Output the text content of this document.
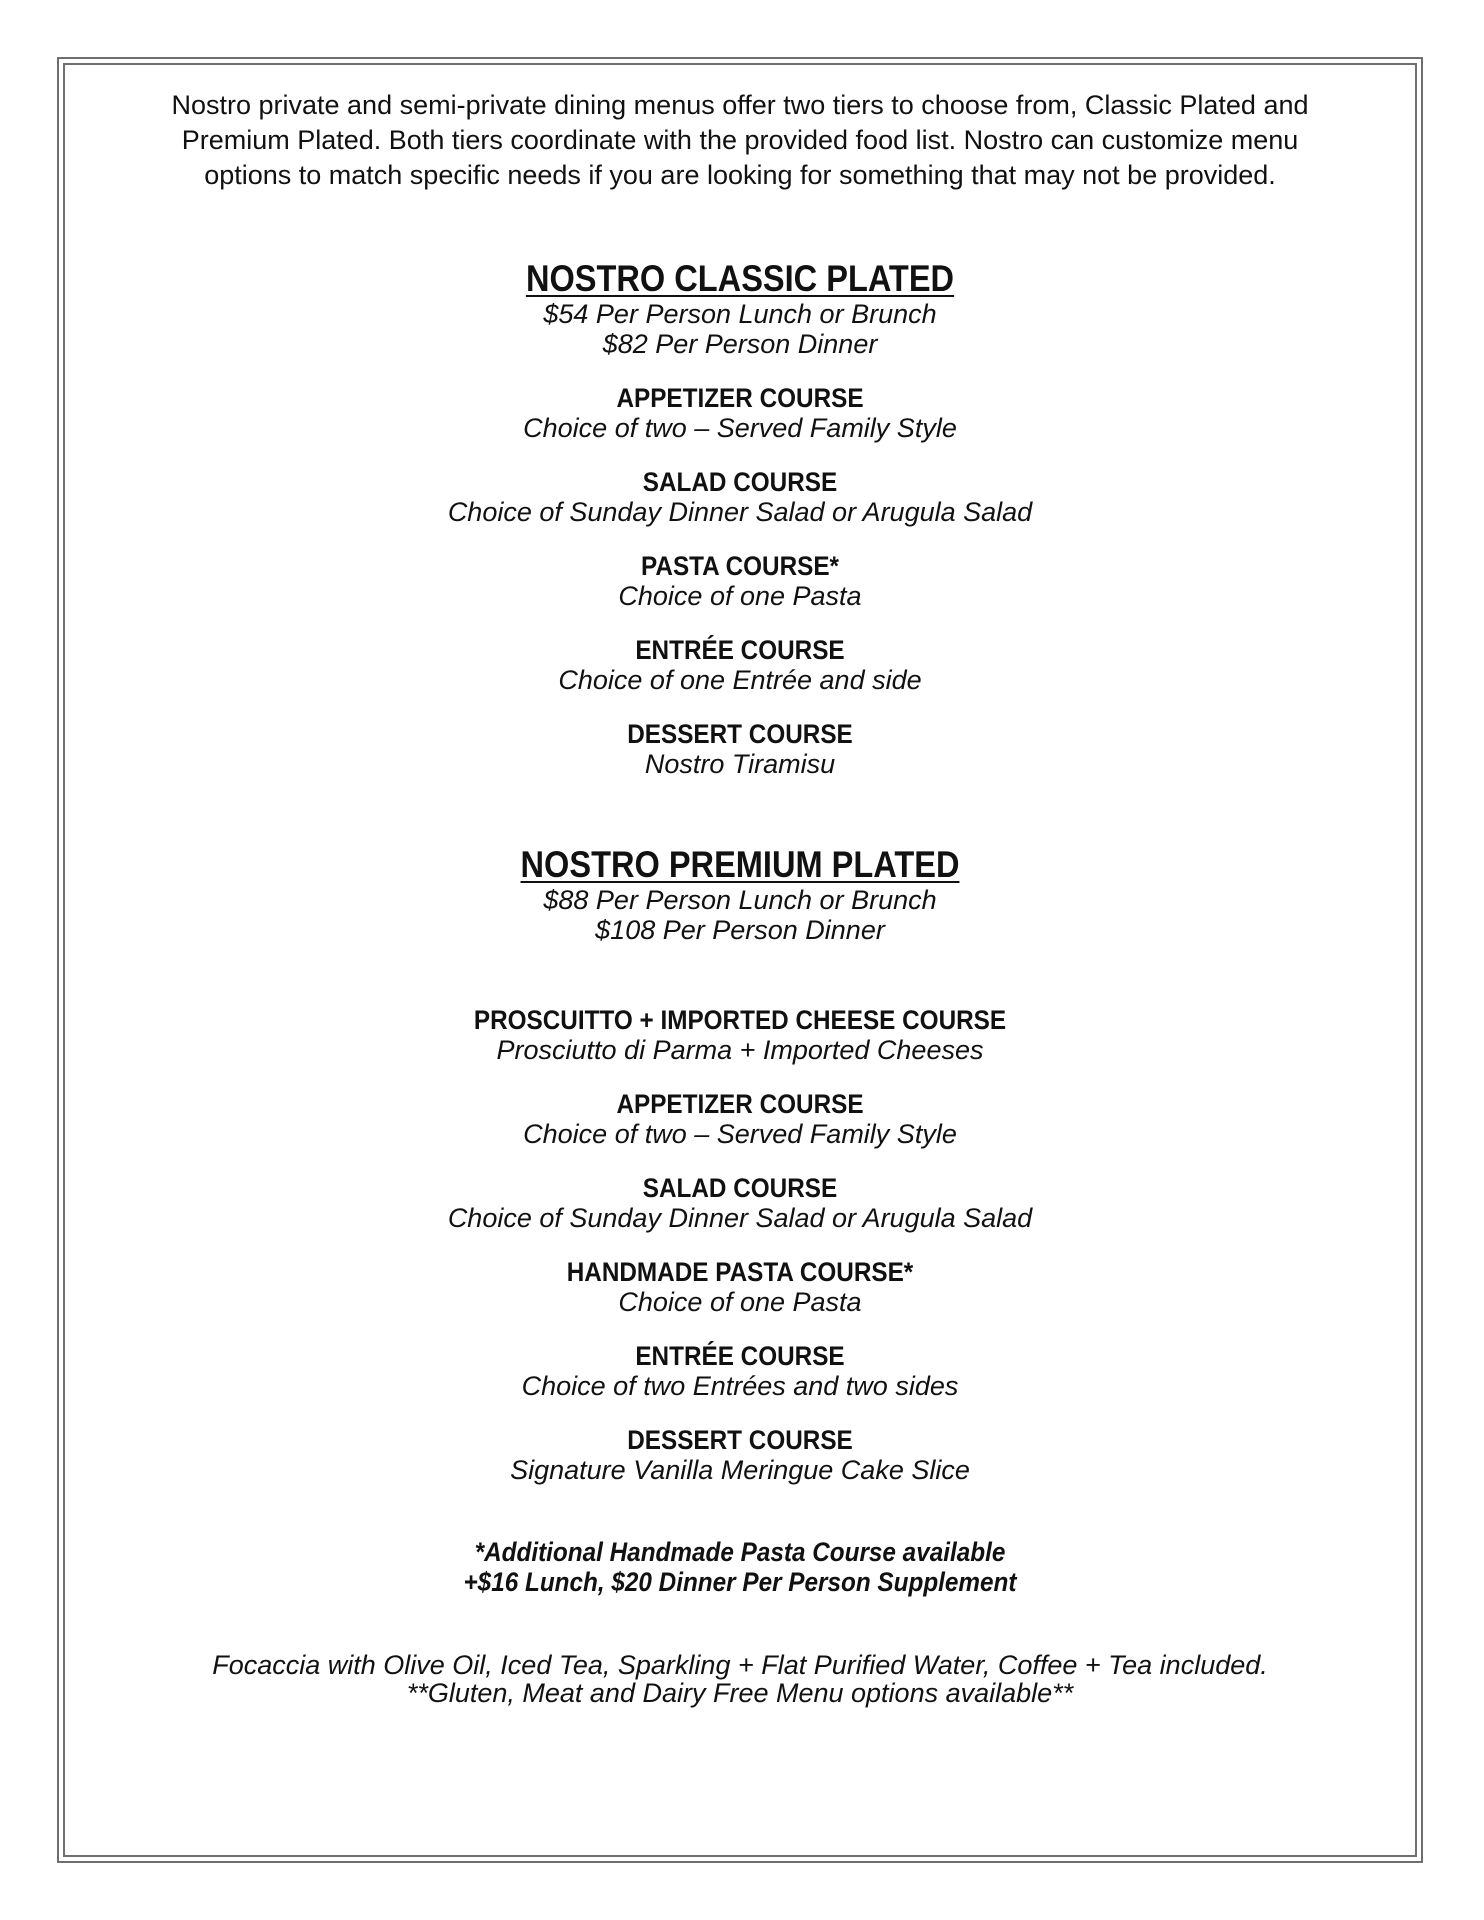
Nostro private and semi-private dining menus offer two tiers to choose from, Classic Plated and Premium Plated. Both tiers coordinate with the provided food list. Nostro can customize menu options to match specific needs if you are looking for something that may not be provided.
NOSTRO CLASSIC PLATED
$54 Per Person Lunch or Brunch
$82 Per Person Dinner
APPETIZER COURSE
Choice of two – Served Family Style
SALAD COURSE
Choice of Sunday Dinner Salad or Arugula Salad
PASTA COURSE*
Choice of one Pasta
ENTRÉE COURSE
Choice of one Entrée and side
DESSERT COURSE
Nostro Tiramisu
NOSTRO PREMIUM PLATED
$88 Per Person Lunch or Brunch
$108 Per Person Dinner
PROSCUITTO + IMPORTED CHEESE COURSE
Prosciutto di Parma + Imported Cheeses
APPETIZER COURSE
Choice of two – Served Family Style
SALAD COURSE
Choice of Sunday Dinner Salad or Arugula Salad
HANDMADE PASTA COURSE*
Choice of one Pasta
ENTRÉE COURSE
Choice of two Entrées and two sides
DESSERT COURSE
Signature Vanilla Meringue Cake Slice
*Additional Handmade Pasta Course available
+$16 Lunch, $20 Dinner Per Person Supplement
Focaccia with Olive Oil, Iced Tea, Sparkling + Flat Purified Water, Coffee + Tea included.
**Gluten, Meat and Dairy Free Menu options available**
